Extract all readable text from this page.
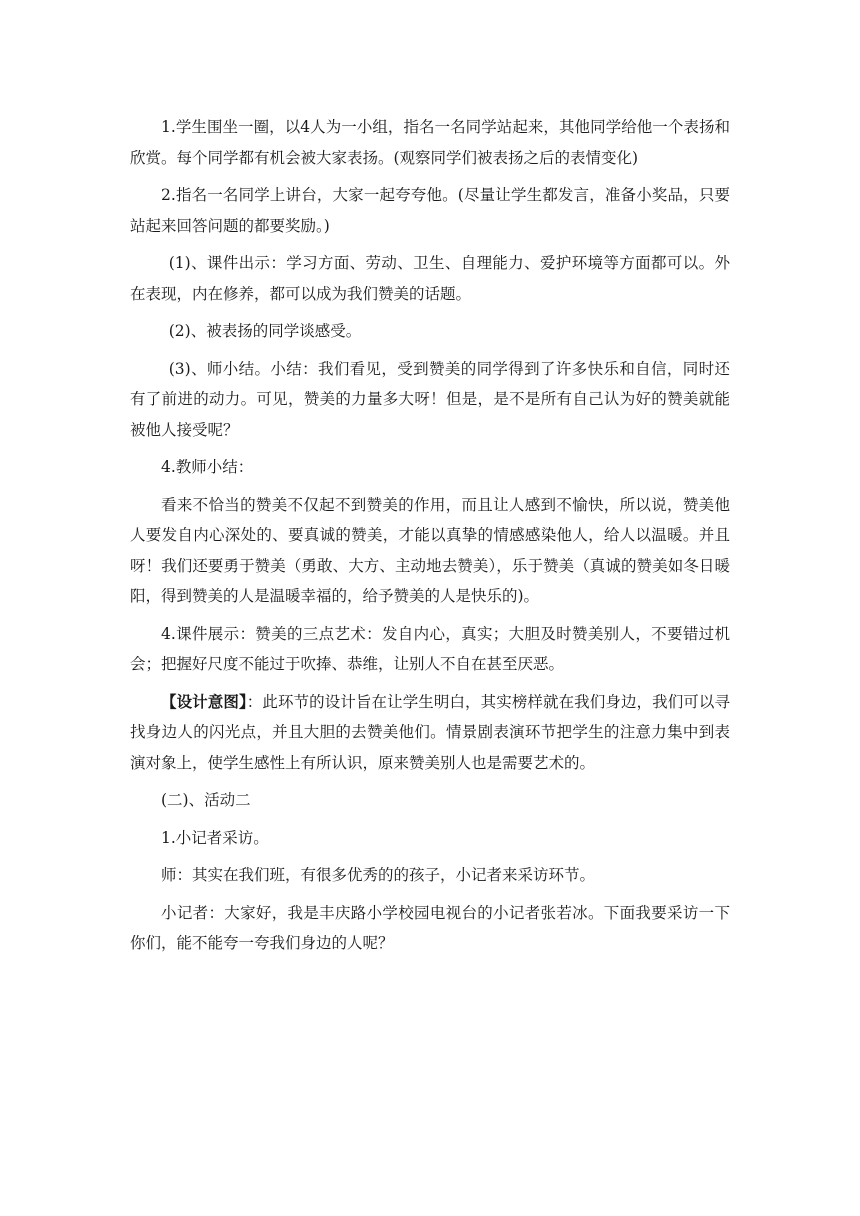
1.学生围坐一圈，以4人为一小组，指名一名同学站起来，其他同学给他一个表扬和欣赏。每个同学都有机会被大家表扬。(观察同学们被表扬之后的表情变化)

2.指名一名同学上讲台，大家一起夸夸他。(尽量让学生都发言，准备小奖品，只要站起来回答问题的都要奖励。)

(1)、课件出示：学习方面、劳动、卫生、自理能力、爱护环境等方面都可以。外在表现，内在修养，都可以成为我们赞美的话题。

(2)、被表扬的同学谈感受。

(3)、师小结。小结：我们看见，受到赞美的同学得到了许多快乐和自信，同时还有了前进的动力。可见，赞美的力量多大呀！但是，是不是所有自己认为好的赞美就能被他人接受呢？

4.教师小结：

看来不恰当的赞美不仅起不到赞美的作用，而且让人感到不愉快，所以说，赞美他人要发自内心深处的、要真诚的赞美，才能以真挚的情感感染他人，给人以温暖。并且呀！我们还要勇于赞美（勇敢、大方、主动地去赞美），乐于赞美（真诚的赞美如冬日暖阳，得到赞美的人是温暖幸福的，给予赞美的人是快乐的)。

4.课件展示：赞美的三点艺术：发自内心，真实；大胆及时赞美别人，不要错过机会；把握好尺度不能过于吹捧、恭维，让别人不自在甚至厌恶。

【设计意图】：此环节的设计旨在让学生明白，其实榜样就在我们身边，我们可以寻找身边人的闪光点，并且大胆的去赞美他们。情景剧表演环节把学生的注意力集中到表演对象上，使学生感性上有所认识，原来赞美别人也是需要艺术的。

(二)、活动二

1.小记者采访。

师：其实在我们班，有很多优秀的的孩子，小记者来采访环节。

小记者：大家好，我是丰庆路小学校园电视台的小记者张若冰。下面我要采访一下你们，能不能夸一夸我们身边的人呢？
